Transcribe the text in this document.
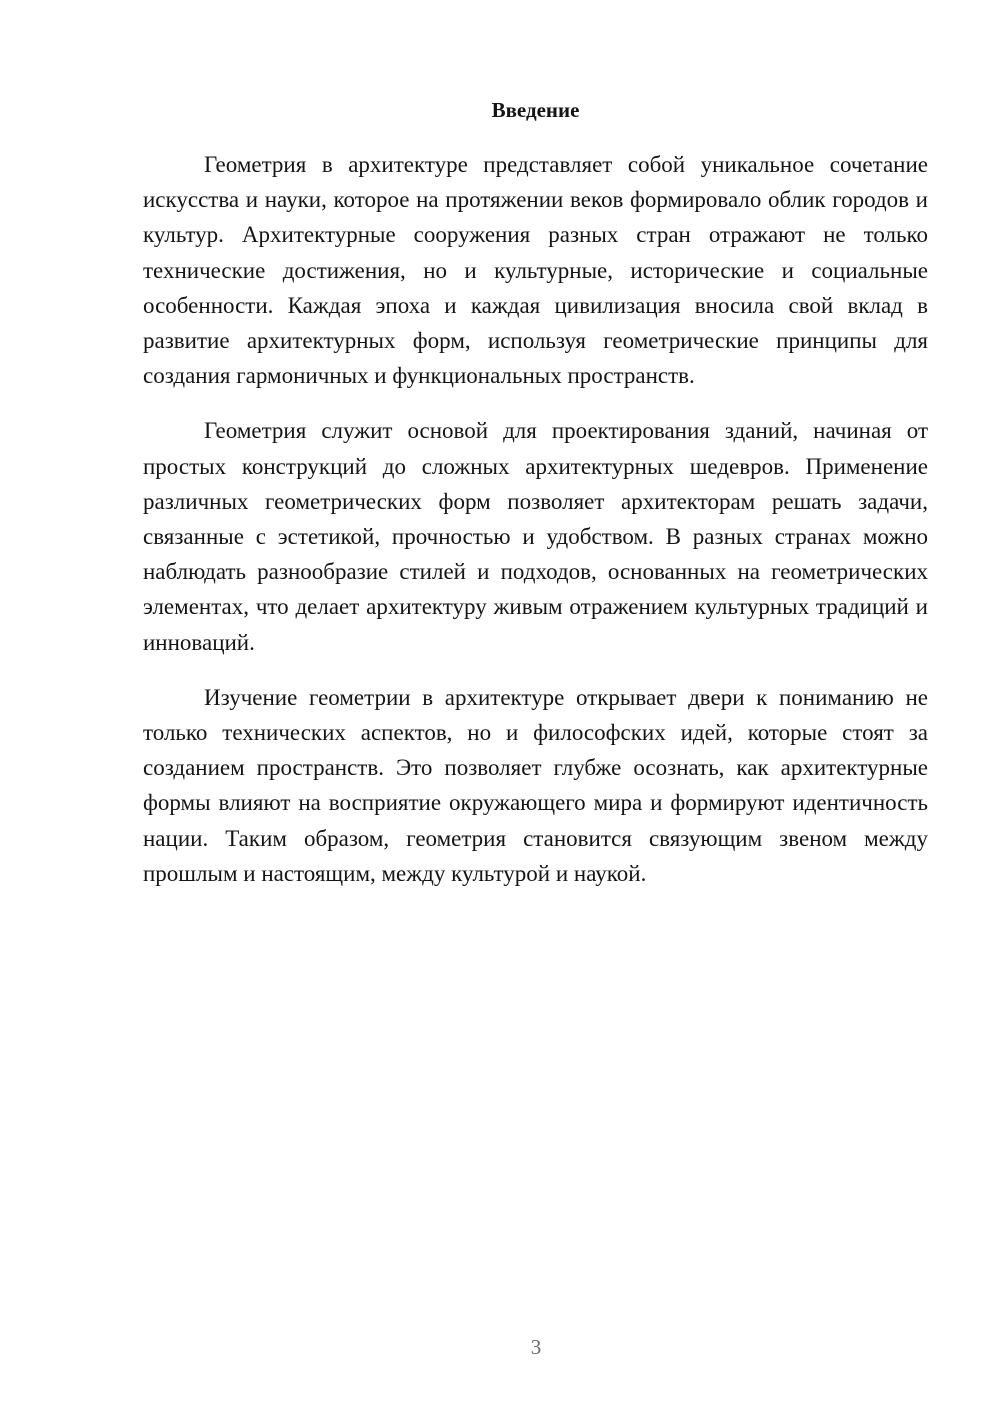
Введение

Геометрия в архитектуре представляет собой уникальное сочетание искусства и науки, которое на протяжении веков формировало облик городов и культур. Архитектурные сооружения разных стран отражают не только технические достижения, но и культурные, исторические и социальные особенности. Каждая эпоха и каждая цивилизация вносила свой вклад в развитие архитектурных форм, используя геометрические принципы для создания гармоничных и функциональных пространств.

Геометрия служит основой для проектирования зданий, начиная от простых конструкций до сложных архитектурных шедевров. Применение различных геометрических форм позволяет архитекторам решать задачи, связанные с эстетикой, прочностью и удобством. В разных странах можно наблюдать разнообразие стилей и подходов, основанных на геометрических элементах, что делает архитектуру живым отражением культурных традиций и инноваций.

Изучение геометрии в архитектуре открывает двери к пониманию не только технических аспектов, но и философских идей, которые стоят за созданием пространств. Это позволяет глубже осознать, как архитектурные формы влияют на восприятие окружающего мира и формируют идентичность нации. Таким образом, геометрия становится связующим звеном между прошлым и настоящим, между культурой и наукой.

3
